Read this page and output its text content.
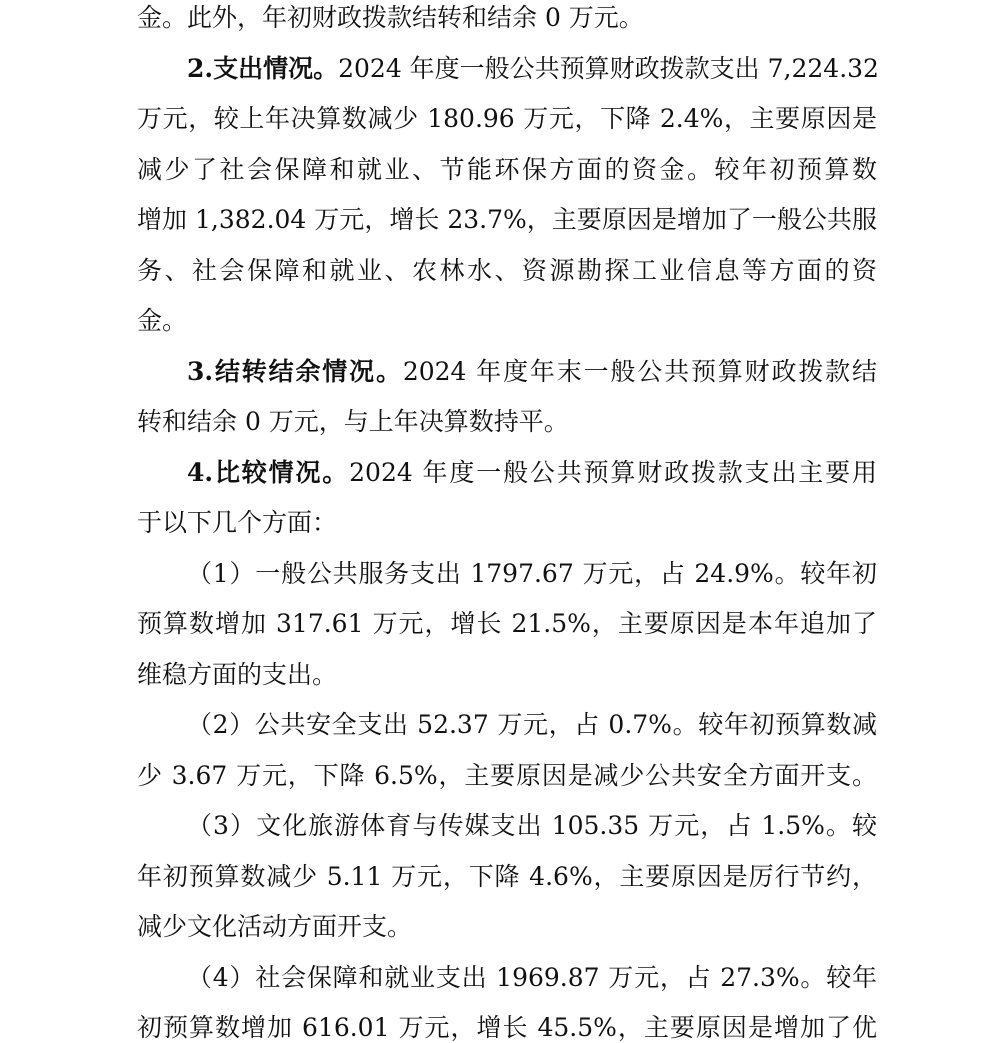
金。此外，年初财政拨款结转和结余 0 万元。
2.支出情况。2024 年度一般公共预算财政拨款支出 7,224.32
万元，较上年决算数减少 180.96 万元，下降 2.4%，主要原因是
减少了社会保障和就业、节能环保方面的资金。较年初预算数
增加 1,382.04 万元，增长 23.7%，主要原因是增加了一般公共服
务、社会保障和就业、农林水、资源勘探工业信息等方面的资
金。
3.结转结余情况。2024 年度年末一般公共预算财政拨款结
转和结余 0 万元，与上年决算数持平。
4.比较情况。2024 年度一般公共预算财政拨款支出主要用
于以下几个方面：
（1）一般公共服务支出 1797.67 万元，占 24.9%。较年初
预算数增加 317.61 万元，增长 21.5%，主要原因是本年追加了
维稳方面的支出。
（2）公共安全支出 52.37 万元，占 0.7%。较年初预算数减
少 3.67 万元，下降 6.5%，主要原因是减少公共安全方面开支。
（3）文化旅游体育与传媒支出 105.35 万元，占 1.5%。较
年初预算数减少 5.11 万元，下降 4.6%，主要原因是厉行节约，
减少文化活动方面开支。
（4）社会保障和就业支出 1969.87 万元，占 27.3%。较年
初预算数增加 616.01 万元，增长 45.5%，主要原因是增加了优
